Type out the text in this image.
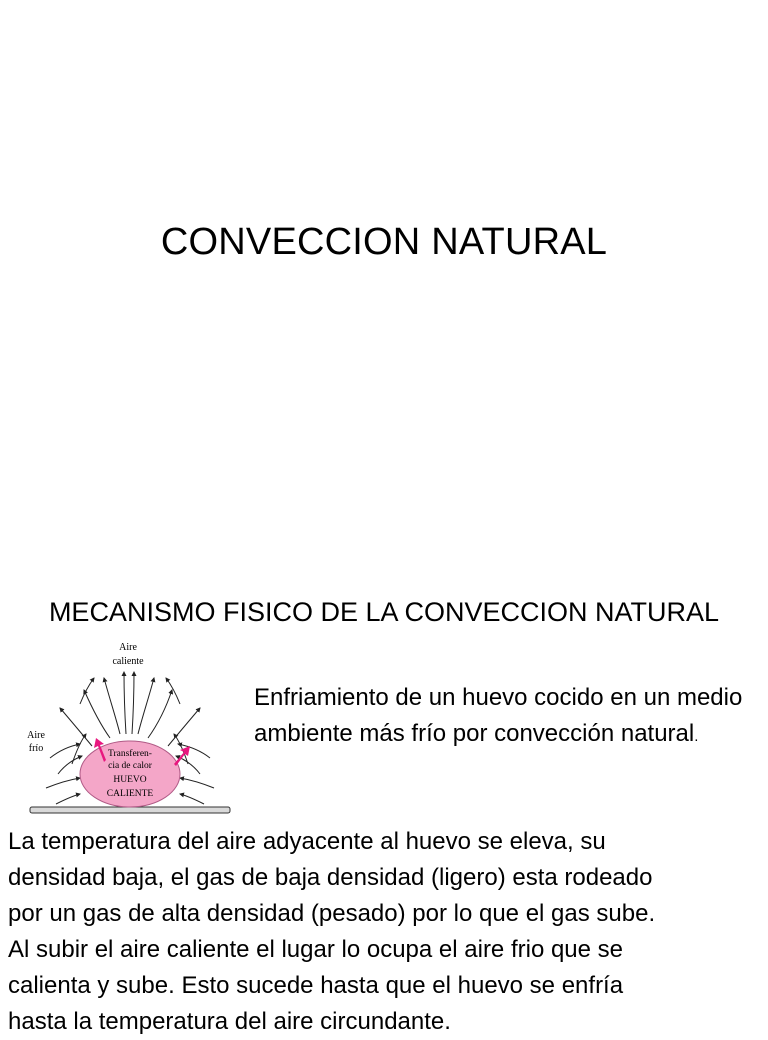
CONVECCION NATURAL
MECANISMO FISICO DE LA CONVECCION NATURAL
Aire
caliente
Aire
frío	Transferen-
cia de calor
HUEVO
CALIENTE
Enfriamiento de un huevo cocido en un medio ambiente más frío por convección natural.
La temperatura del aire adyacente al huevo se eleva, su
densidad baja, el gas de baja densidad (ligero) esta rodeado
por un gas de alta densidad (pesado) por lo que el gas sube.
Al subir el aire caliente el lugar lo ocupa el aire frio que se
calienta y sube. Esto sucede hasta que el huevo se enfría
hasta la temperatura del aire circundante.
